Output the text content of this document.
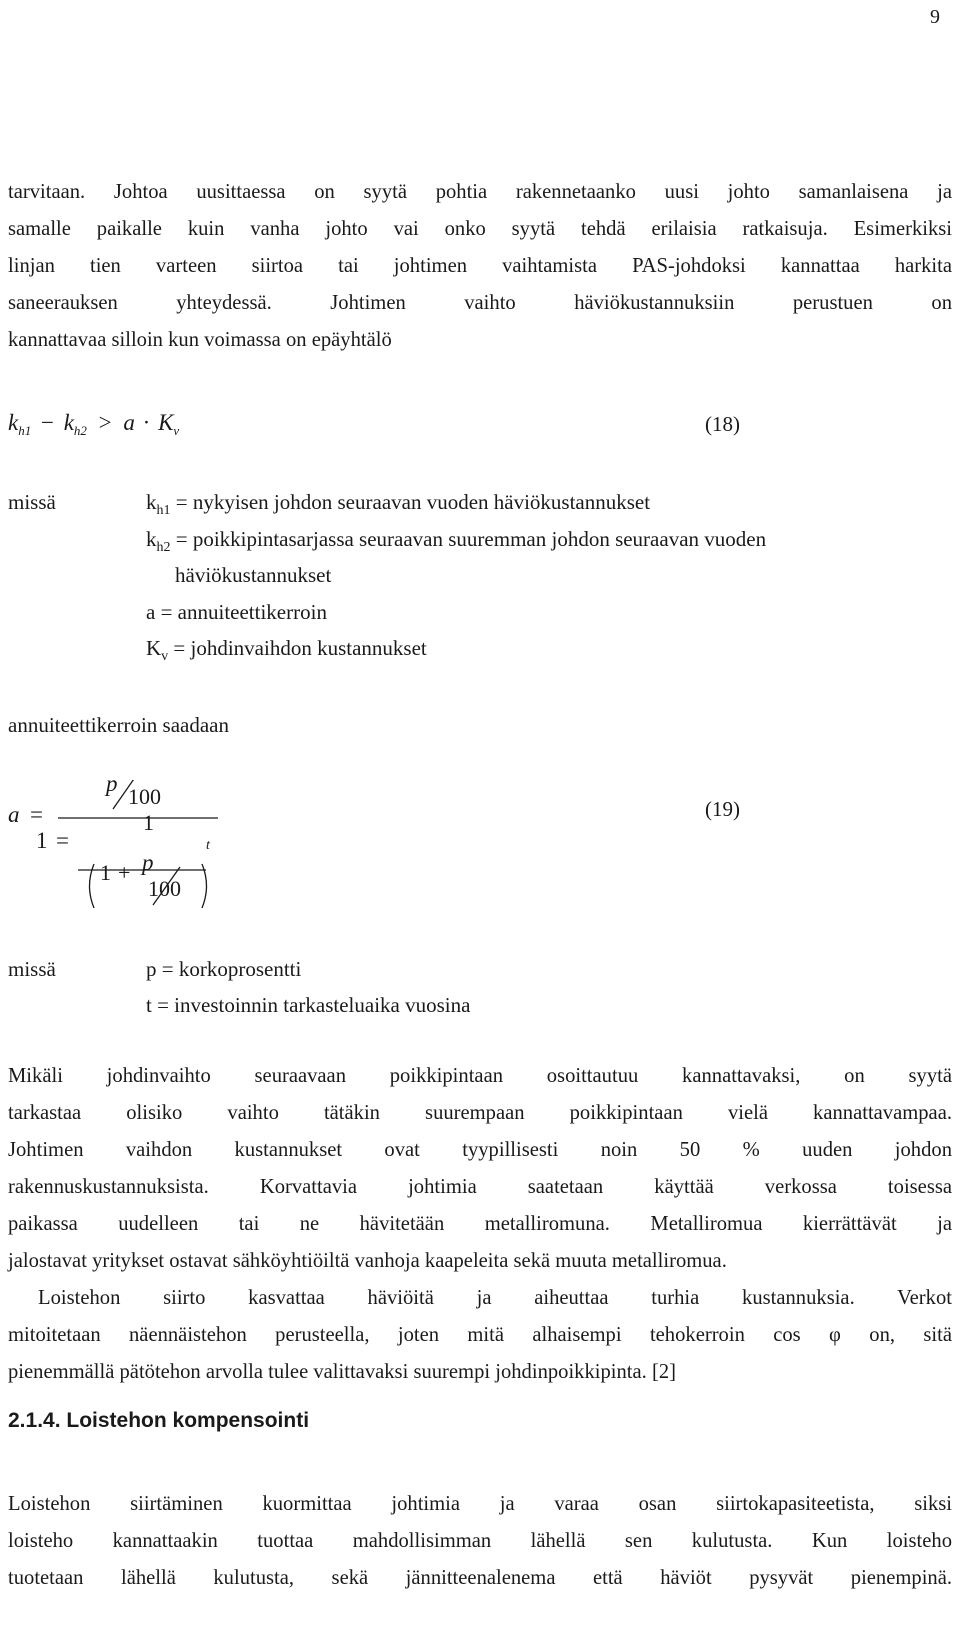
9

tarvitaan. Johtoa uusittaessa on syytä pohtia rakennetaanko uusi johto samanlaisena ja
samalle paikalle kuin vanha johto vai onko syytä tehdä erilaisia ratkaisuja. Esimerkiksi
linjan tien varteen siirtoa tai johtimen vaihtamista PAS-johdoksi kannattaa harkita
saneerauksen yhteydessä. Johtimen vaihto häviökustannuksiin perustuen on
kannattavaa silloin kun voimassa on epäyhtälö

$k_{h1} - k_{h2} > a \cdot K_v$	(18)
missä	$k_{h1}$ = nykyisen johdon seuraavan vuoden häviökustannukset
$k_{h2}$ = poikkipintasarjassa seuraavan suuremman johdon seuraavan vuoden
häviökustannukset
a = annuiteettikerroin
$K_v$ = johdinvaihdon kustannukset
annuiteettikerroin saadaan
a =
p
100
1
1 =
1 + p
100
t
(19)
missä	p = korkoprosentti
t = investoinnin tarkasteluaika vuosina

Mikäli johdinvaihto seuraavaan poikkipintaan osoittautuu kannattavaksi, on syytä
tarkastaa olisiko vaihto tätäkin suurempaan poikkipintaan vielä kannattavampaa.
Johtimen vaihdon kustannukset ovat tyypillisesti noin 50 % uuden johdon
rakennuskustannuksista. Korvattavia johtimia saatetaan käyttää verkossa toisessa
paikassa uudelleen tai ne hävitetään metalliromuna. Metalliromua kierrättävät ja
jalostavat yritykset ostavat sähköyhtiöiltä vanhoja kaapeleita sekä muuta metalliromua.

Loistehon siirto kasvattaa häviöitä ja aiheuttaa turhia kustannuksia. Verkot
mitoitetaan näennäistehon perusteella, joten mitä alhaisempi tehokerroin cos φ on, sitä
pienemmällä pätötehon arvolla tulee valittavaksi suurempi johdinpoikkipinta. [2]

2.1.4. Loistehon kompensointi

Loistehon siirtäminen kuormittaa johtimia ja varaa osan siirtokapasiteetista, siksi
loisteho kannattaakin tuottaa mahdollisimman lähellä sen kulutusta. Kun loisteho
tuotetaan lähellä kulutusta, sekä jännitteenalenema että häviöt pysyvät pienempinä.
